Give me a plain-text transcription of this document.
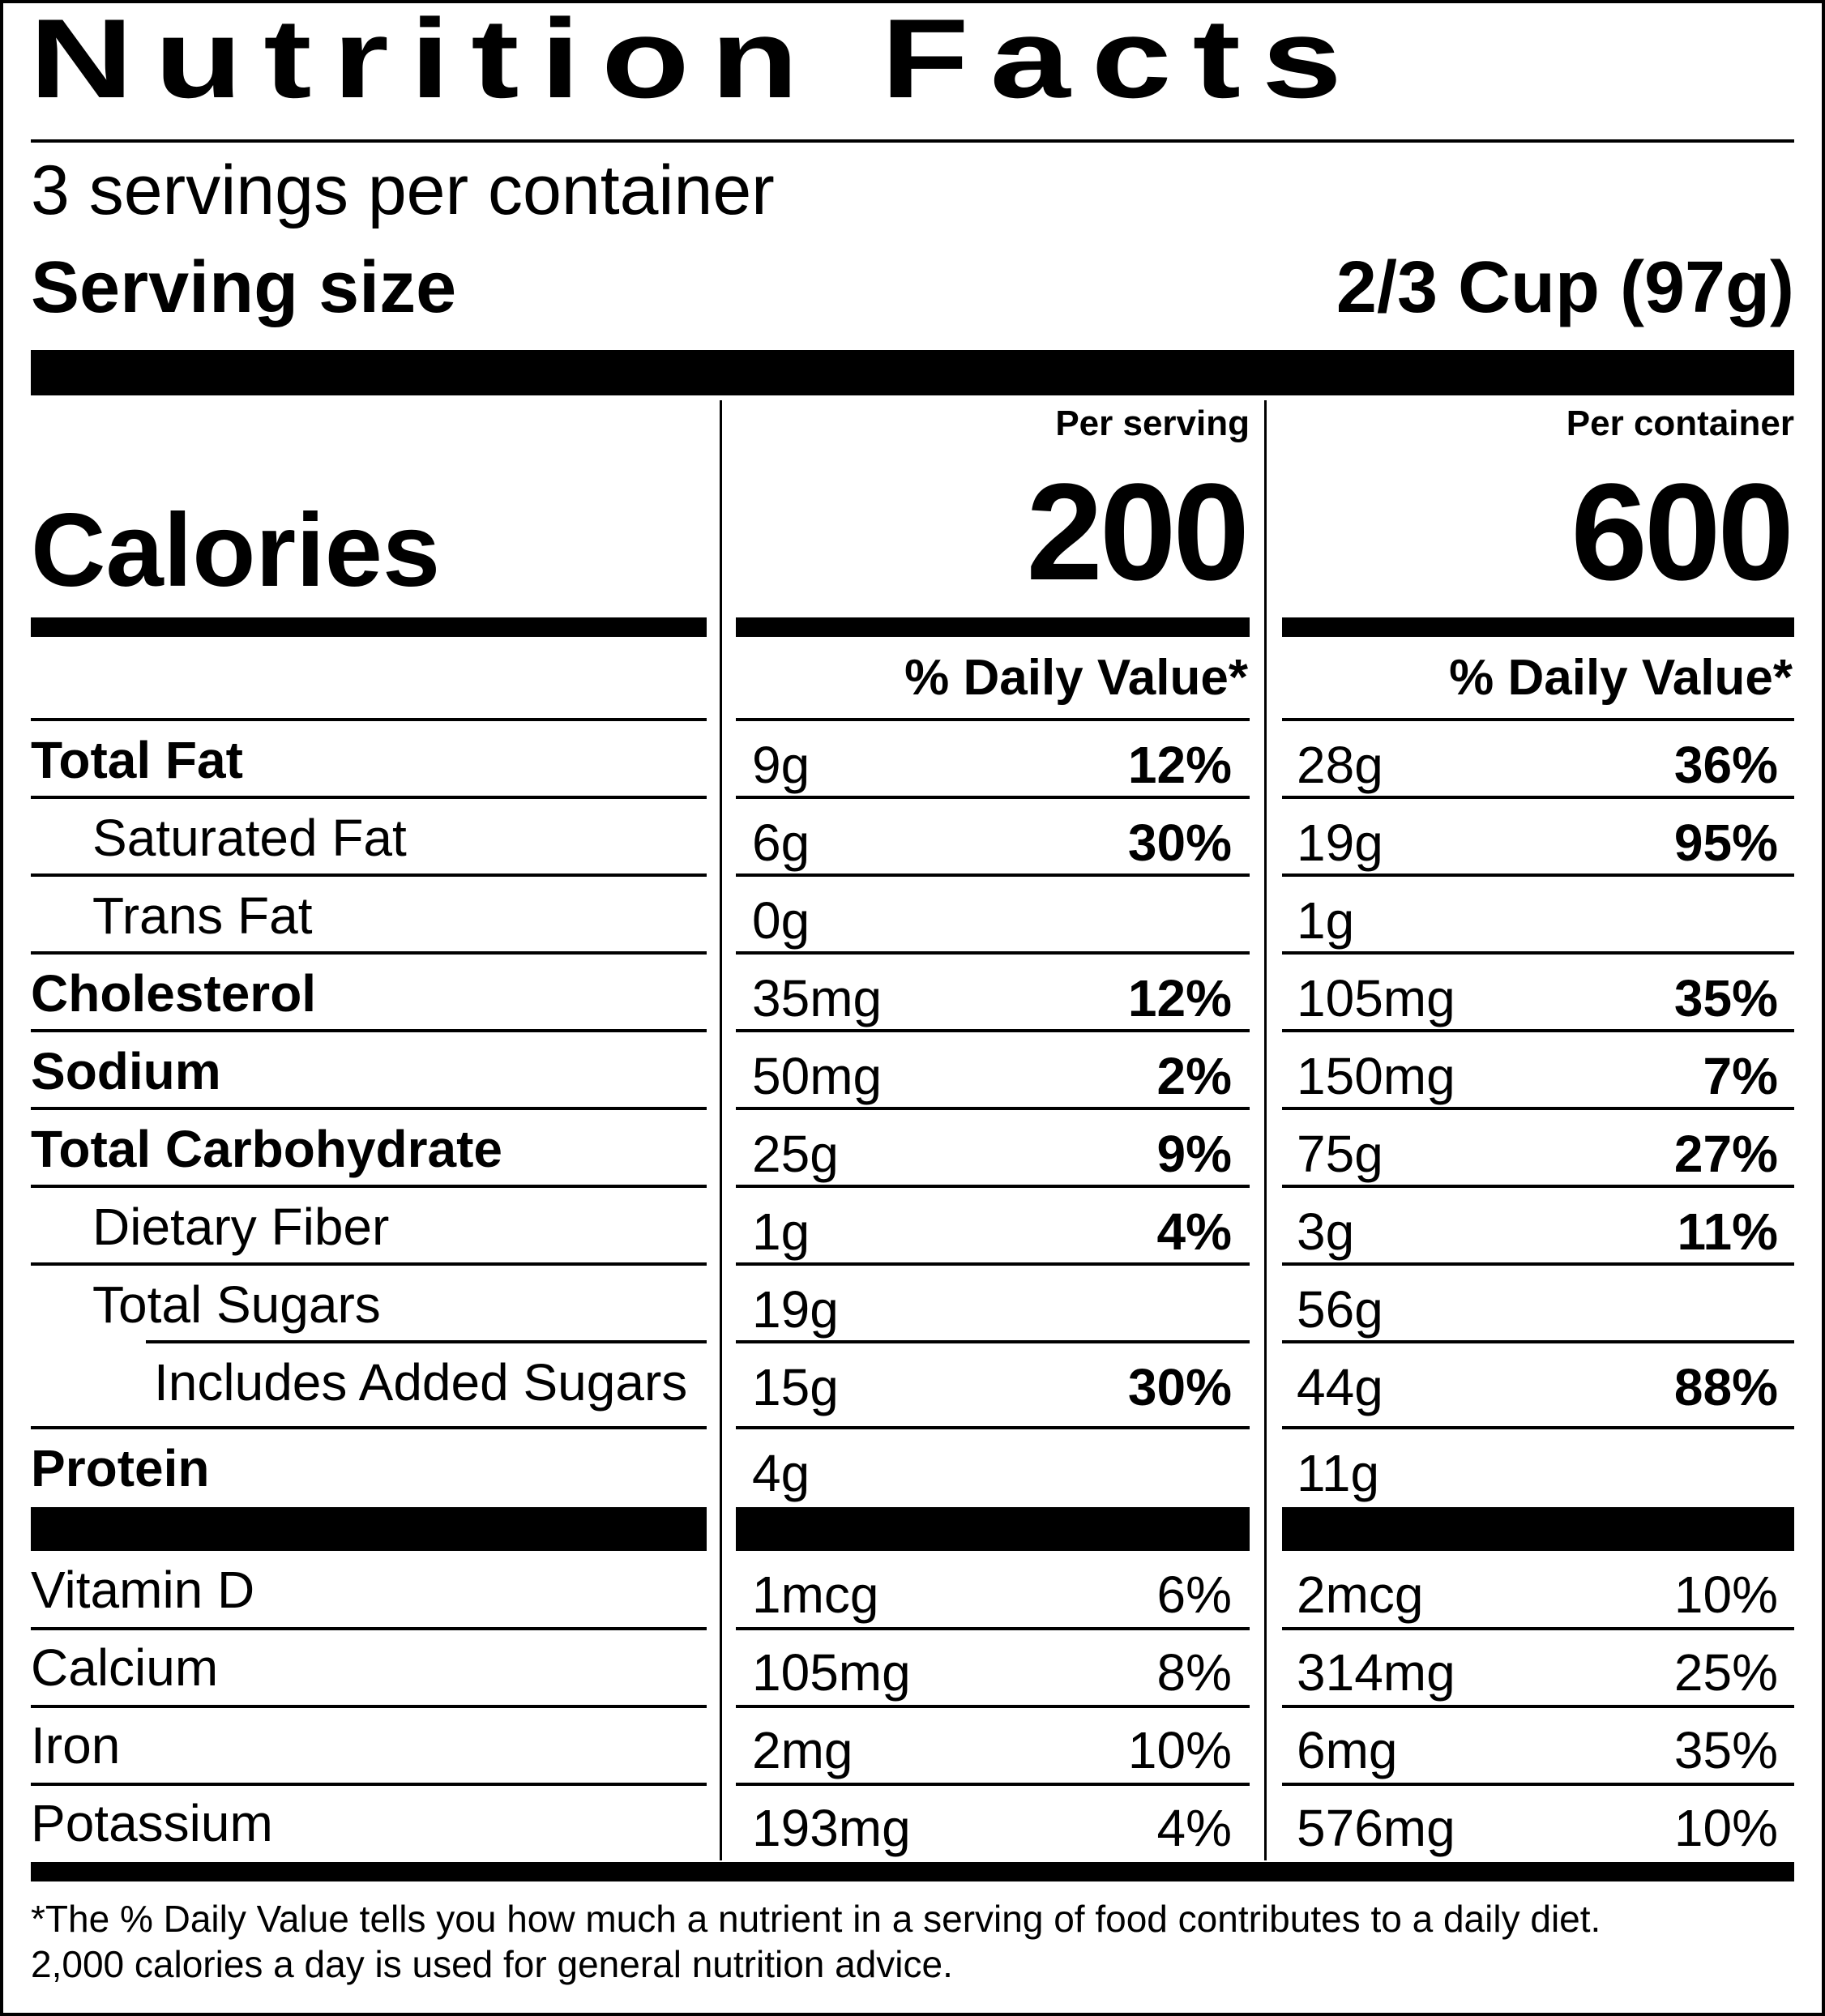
Nutrition Facts
3 servings per container
Serving size	2/3 Cup (97g)
Per serving	Per container
Calories	200	600
% Daily Value*	% Daily Value*
Total Fat	9g	12% 28g	36%
Saturated Fat	6g	30% 19g	95%
Trans Fat	0g	1g
Cholesterol	35mg	12% 105mg	35%
Sodium	50mg	2% 150mg	7%
Total Carbohydrate	25g	9% 75g	27%
Dietary Fiber	1g	4% 3g	11%
Total Sugars	19g	56g
Includes Added Sugars 15g	30% 44g	88%
Protein	4g	11g
Vitamin D	1mcg	6% 2mcg	10%
Calcium	105mg	8% 314mg	25%
Iron	2mg	10% 6mg	35%
Potassium	193mg	4% 576mg	10%
*The % Daily Value tells you how much a nutrient in a serving of food contributes to a daily diet.
2,000 calories a day is used for general nutrition advice.
